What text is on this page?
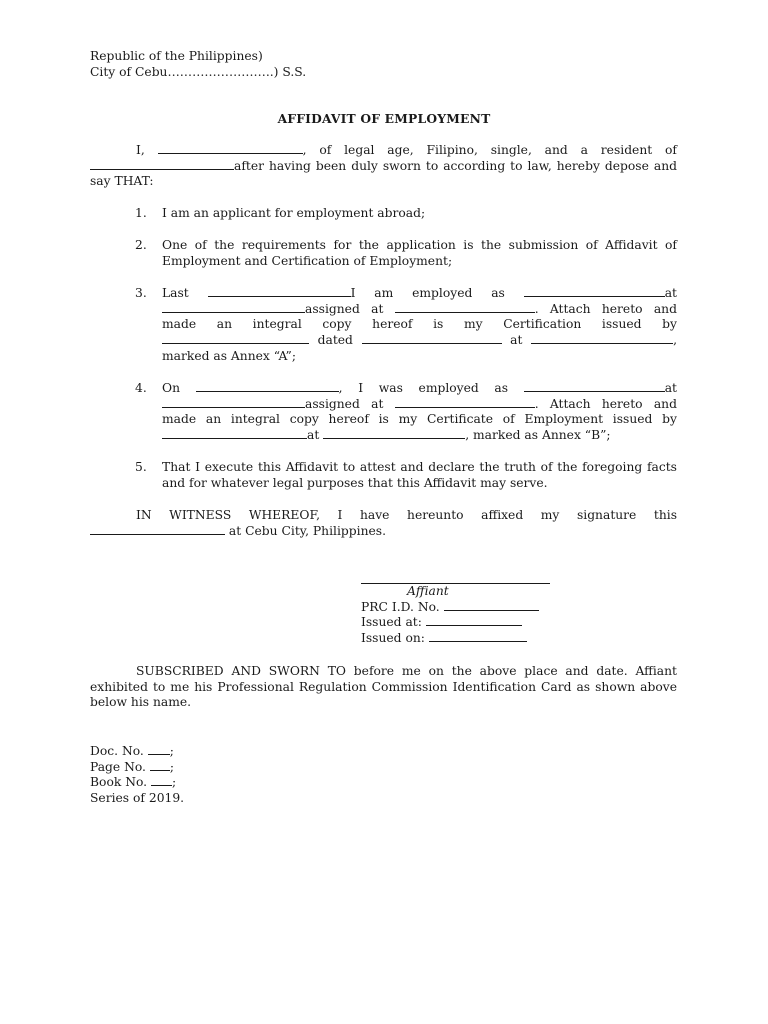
Republic of the Philippines)
City of Cebu……………………..) S.S.
AFFIDAVIT OF EMPLOYMENT
I,	, of legal age, Filipino, single, and a resident of after having been duly sworn to according to law, hereby depose and say THAT:
1.	I am an applicant for employment abroad;
2.	One of the requirements for the application is the submission of Affidavit of Employment and Certification of Employment;
3.	Last	I am employed as	at assigned at	. Attach hereto and made an integral copy hereof is my Certification issued by  dated	at	, marked as Annex “A”;
4.	On	, I was employed as	at assigned at	. Attach hereto and made an integral copy hereof is my Certificate of Employment issued by at	, marked as Annex “B”;
5.	That I execute this Affidavit to attest and declare the truth of the foregoing facts and for whatever legal purposes that this Affidavit may serve.
IN WITNESS WHEREOF, I have hereunto affixed my signature this  at Cebu City, Philippines.
Affiant
PRC I.D. No.
Issued at:
Issued on:
SUBSCRIBED AND SWORN TO before me on the above place and date. Affiant exhibited to me his Professional Regulation Commission Identification Card as shown above below his name.
Doc. No. ;
Page No. ;
Book No. ;
Series of 2019.
